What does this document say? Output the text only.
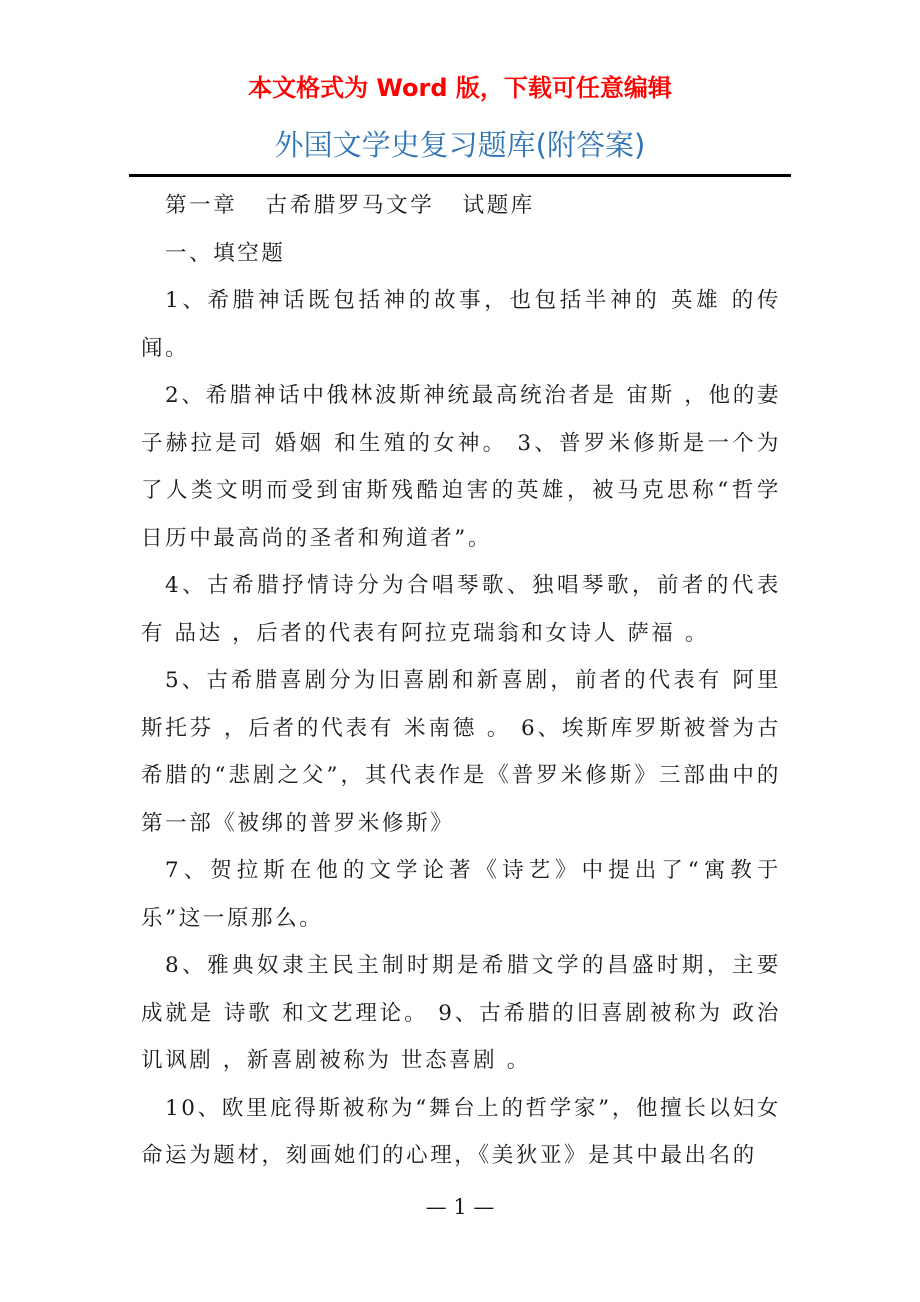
本文格式为 Word 版，下载可任意编辑
外国文学史复习题库(附答案)

第一章   古希腊罗马文学   试题库

一、填空题

1、希腊神话既包括神的故事，也包括半神的 英雄 的传闻。

2、希腊神话中俄林波斯神统最高统治者是 宙斯 ，他的妻子赫拉是司 婚姻 和生殖的女神。 3、普罗米修斯是一个为了人类文明而受到宙斯残酷迫害的英雄，被马克思称“哲学日历中最高尚的圣者和殉道者”。

4、古希腊抒情诗分为合唱琴歌、独唱琴歌，前者的代表有 品达 ，后者的代表有阿拉克瑞翁和女诗人 萨福 。

5、古希腊喜剧分为旧喜剧和新喜剧，前者的代表有 阿里斯托芬 ，后者的代表有 米南德 。 6、埃斯库罗斯被誉为古希腊的“悲剧之父”，其代表作是《普罗米修斯》三部曲中的第一部《被绑的普罗米修斯》

7、贺拉斯在他的文学论著《诗艺》中提出了“寓教于乐”这一原那么。

8、雅典奴隶主民主制时期是希腊文学的昌盛时期，主要成就是 诗歌 和文艺理论。 9、古希腊的旧喜剧被称为 政治讥讽剧 ，新喜剧被称为 世态喜剧 。

10、欧里庇得斯被称为“舞台上的哲学家”，他擅长以妇女命运为题材，刻画她们的心理，《美狄亚》是其中最出名的

— 1 —
